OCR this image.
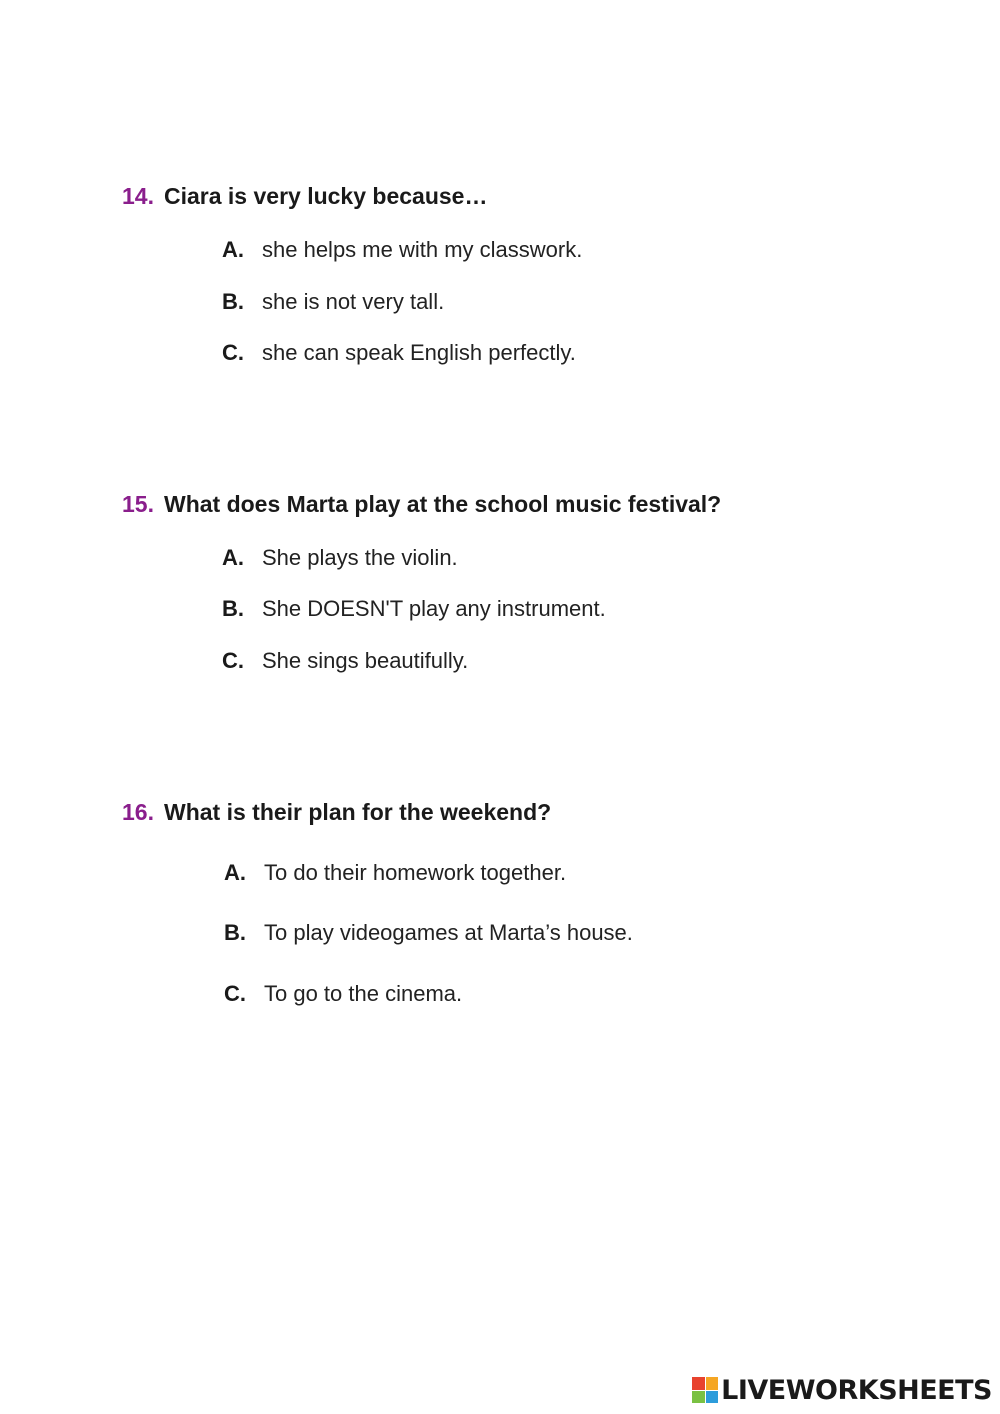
14. Ciara is very lucky because…
A. she helps me with my classwork.
B. she is not very tall.
C. she can speak English perfectly.
15. What does Marta play at the school music festival?
A. She plays the violin.
B. She DOESN'T play any instrument.
C. She sings beautifully.
16. What is their plan for the weekend?
A. To do their homework together.
B. To play videogames at Marta’s house.
C. To go to the cinema.
LIVEWORKSHEETS
